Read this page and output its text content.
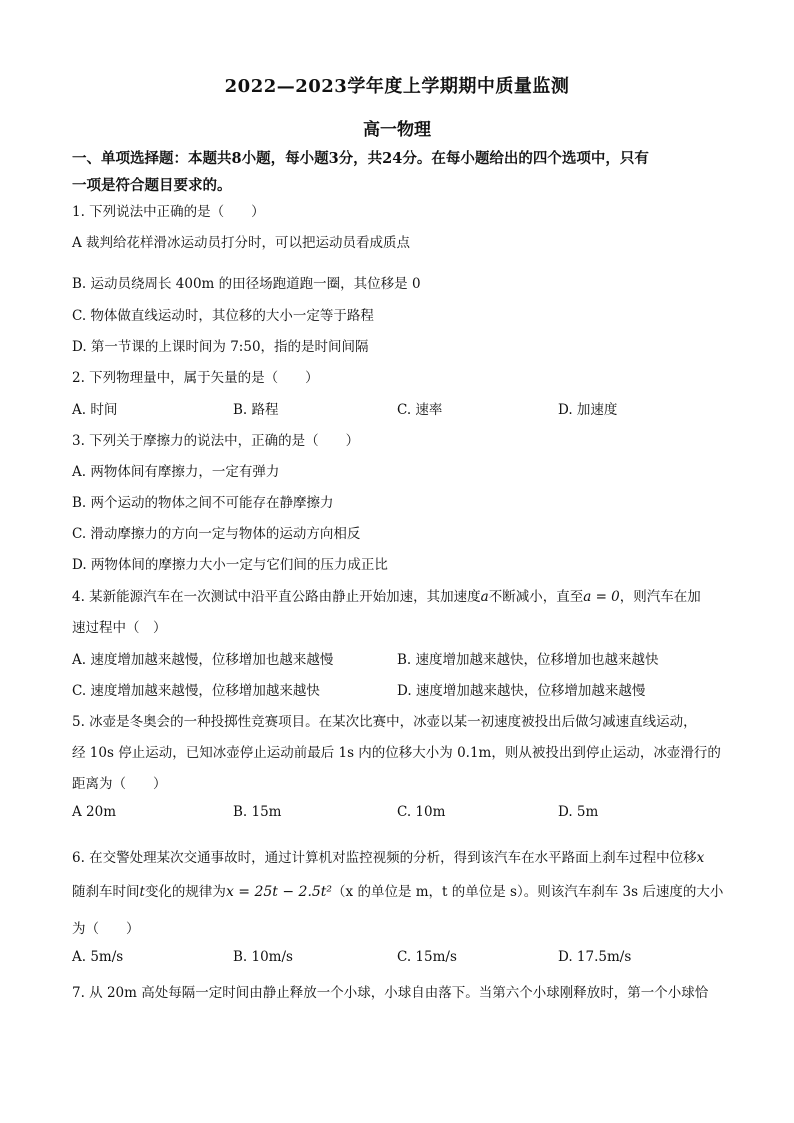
2022—2023学年度上学期期中质量监测
高一物理
一、单项选择题：本题共8小题，每小题3分，共24分。在每小题给出的四个选项中，只有
一项是符合题目要求的。
1. 下列说法中正确的是（　　）
A 裁判给花样滑冰运动员打分时，可以把运动员看成质点
B. 运动员绕周长 400m 的田径场跑道跑一圈，其位移是 0
C. 物体做直线运动时，其位移的大小一定等于路程
D. 第一节课的上课时间为 7:50，指的是时间间隔
2. 下列物理量中，属于矢量的是（　　）
A. 时间	B. 路程	C. 速率	D. 加速度
3. 下列关于摩擦力的说法中，正确的是（　　）
A. 两物体间有摩擦力，一定有弹力
B. 两个运动的物体之间不可能存在静摩擦力
C. 滑动摩擦力的方向一定与物体的运动方向相反
D. 两物体间的摩擦力大小一定与它们间的压力成正比
4. 某新能源汽车在一次测试中沿平直公路由静止开始加速，其加速度a不断减小，直至a = 0，则汽车在加
速过程中（　）
A. 速度增加越来越慢，位移增加也越来越慢	B. 速度增加越来越快，位移增加也越来越快
C. 速度增加越来越慢，位移增加越来越快	D. 速度增加越来越快，位移增加越来越慢
5. 冰壶是冬奥会的一种投掷性竞赛项目。在某次比赛中，冰壶以某一初速度被投出后做匀减速直线运动，
经 10s 停止运动，已知冰壶停止运动前最后 1s 内的位移大小为 0.1m，则从被投出到停止运动，冰壶滑行的
距离为（　　）
A 20m	B. 15m	C. 10m	D. 5m
6. 在交警处理某次交通事故时，通过计算机对监控视频的分析，得到该汽车在水平路面上刹车过程中位移x
随刹车时间t变化的规律为x = 25t − 2.5t²（x 的单位是 m，t 的单位是 s）。则该汽车刹车 3s 后速度的大小
为（　　）
A. 5m/s	B. 10m/s	C. 15m/s	D. 17.5m/s
7. 从 20m 高处每隔一定时间由静止释放一个小球，小球自由落下。当第六个小球刚释放时，第一个小球恰
